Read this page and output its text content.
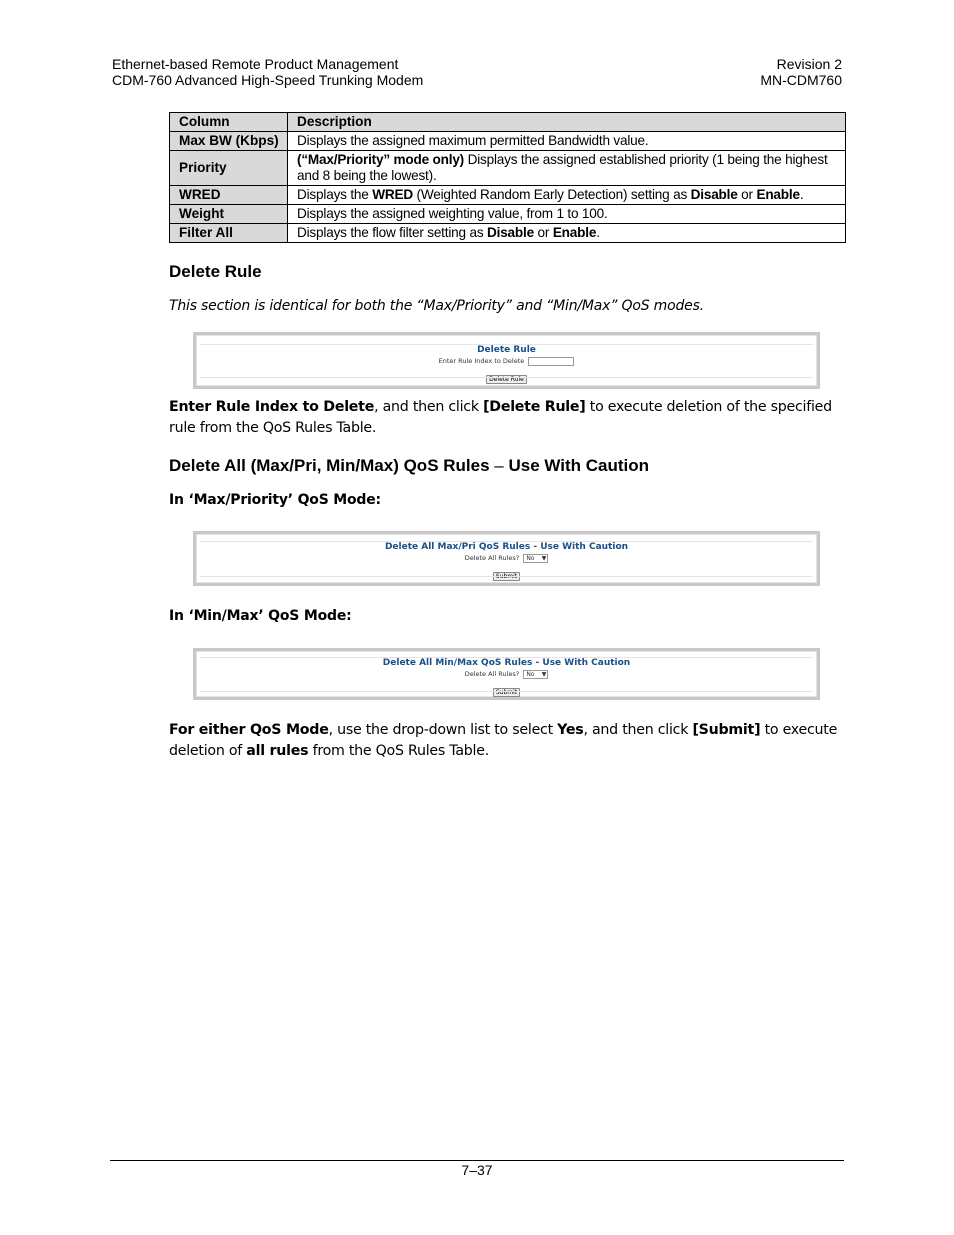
Ethernet-based Remote Product Management
CDM-760 Advanced High-Speed Trunking Modem
Revision 2
MN-CDM760
Column	Description
Max BW (Kbps)	Displays the assigned maximum permitted Bandwidth value.
Priority	(“Max/Priority” mode only) Displays the assigned established priority (1 being the highest and 8 being the lowest).
WRED	Displays the WRED (Weighted Random Early Detection) setting as Disable or Enable.
Weight	Displays the assigned weighting value, from 1 to 100.
Filter All	Displays the flow filter setting as Disable or Enable.
Delete Rule
This section is identical for both the “Max/Priority” and “Min/Max” QoS modes.
Delete Rule
Enter Rule Index to Delete
Delete Rule
Enter Rule Index to Delete, and then click [Delete Rule] to execute deletion of the specified rule from the QoS Rules Table.
Delete All (Max/Pri, Min/Max) QoS Rules – Use With Caution
In ‘Max/Priority’ QoS Mode:
Delete All Max/Pri QoS Rules - Use With Caution
Delete All Rules? No ▼
Submit
In ‘Min/Max’ QoS Mode:
Delete All Min/Max QoS Rules - Use With Caution
Delete All Rules? No ▼
Submit
For either QoS Mode, use the drop-down list to select Yes, and then click [Submit] to execute deletion of all rules from the QoS Rules Table.
7–37
